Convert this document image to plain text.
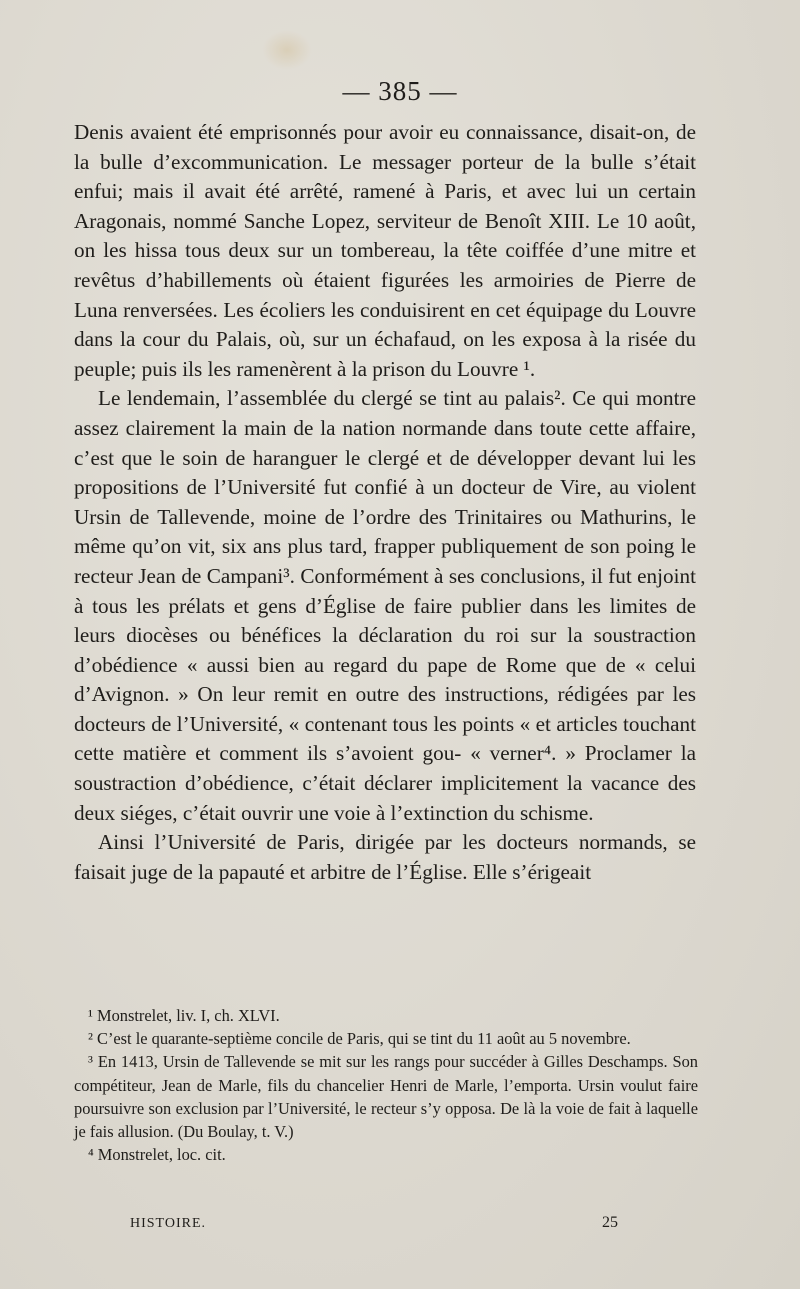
— 385 —

Denis avaient été emprisonnés pour avoir eu connaissance, disait-on, de la bulle d’excommunication. Le messager porteur de la bulle s’était enfui; mais il avait été arrêté, ramené à Paris, et avec lui un certain Aragonais, nommé Sanche Lopez, serviteur de Benoît XIII. Le 10 août, on les hissa tous deux sur un tombereau, la tête coiffée d’une mitre et revêtus d’habillements où étaient figurées les armoiries de Pierre de Luna renversées. Les écoliers les conduisirent en cet équipage du Louvre dans la cour du Palais, où, sur un échafaud, on les exposa à la risée du peuple; puis ils les ramenèrent à la prison du Louvre ¹.

Le lendemain, l’assemblée du clergé se tint au palais². Ce qui montre assez clairement la main de la nation normande dans toute cette affaire, c’est que le soin de haranguer le clergé et de développer devant lui les propositions de l’Université fut confié à un docteur de Vire, au violent Ursin de Tallevende, moine de l’ordre des Trinitaires ou Mathurins, le même qu’on vit, six ans plus tard, frapper publiquement de son poing le recteur Jean de Campani³. Conformément à ses conclusions, il fut enjoint à tous les prélats et gens d’Église de faire publier dans les limites de leurs diocèses ou bénéfices la déclaration du roi sur la soustraction d’obédience « aussi bien au regard du pape de Rome que de « celui d’Avignon. » On leur remit en outre des instructions, rédigées par les docteurs de l’Université, « contenant tous les points « et articles touchant cette matière et comment ils s’avoient gou- « verner⁴. » Proclamer la soustraction d’obédience, c’était déclarer implicitement la vacance des deux siéges, c’était ouvrir une voie à l’extinction du schisme.

Ainsi l’Université de Paris, dirigée par les docteurs normands, se faisait juge de la papauté et arbitre de l’Église. Elle s’érigeait

¹ Monstrelet, liv. I, ch. XLVI.

² C’est le quarante-septième concile de Paris, qui se tint du 11 août au 5 novembre.

³ En 1413, Ursin de Tallevende se mit sur les rangs pour succéder à Gilles Deschamps. Son compétiteur, Jean de Marle, fils du chancelier Henri de Marle, l’emporta. Ursin voulut faire poursuivre son exclusion par l’Université, le recteur s’y opposa. De là la voie de fait à laquelle je fais allusion. (Du Boulay, t. V.)

⁴ Monstrelet, loc. cit.

HISTOIRE.	25
